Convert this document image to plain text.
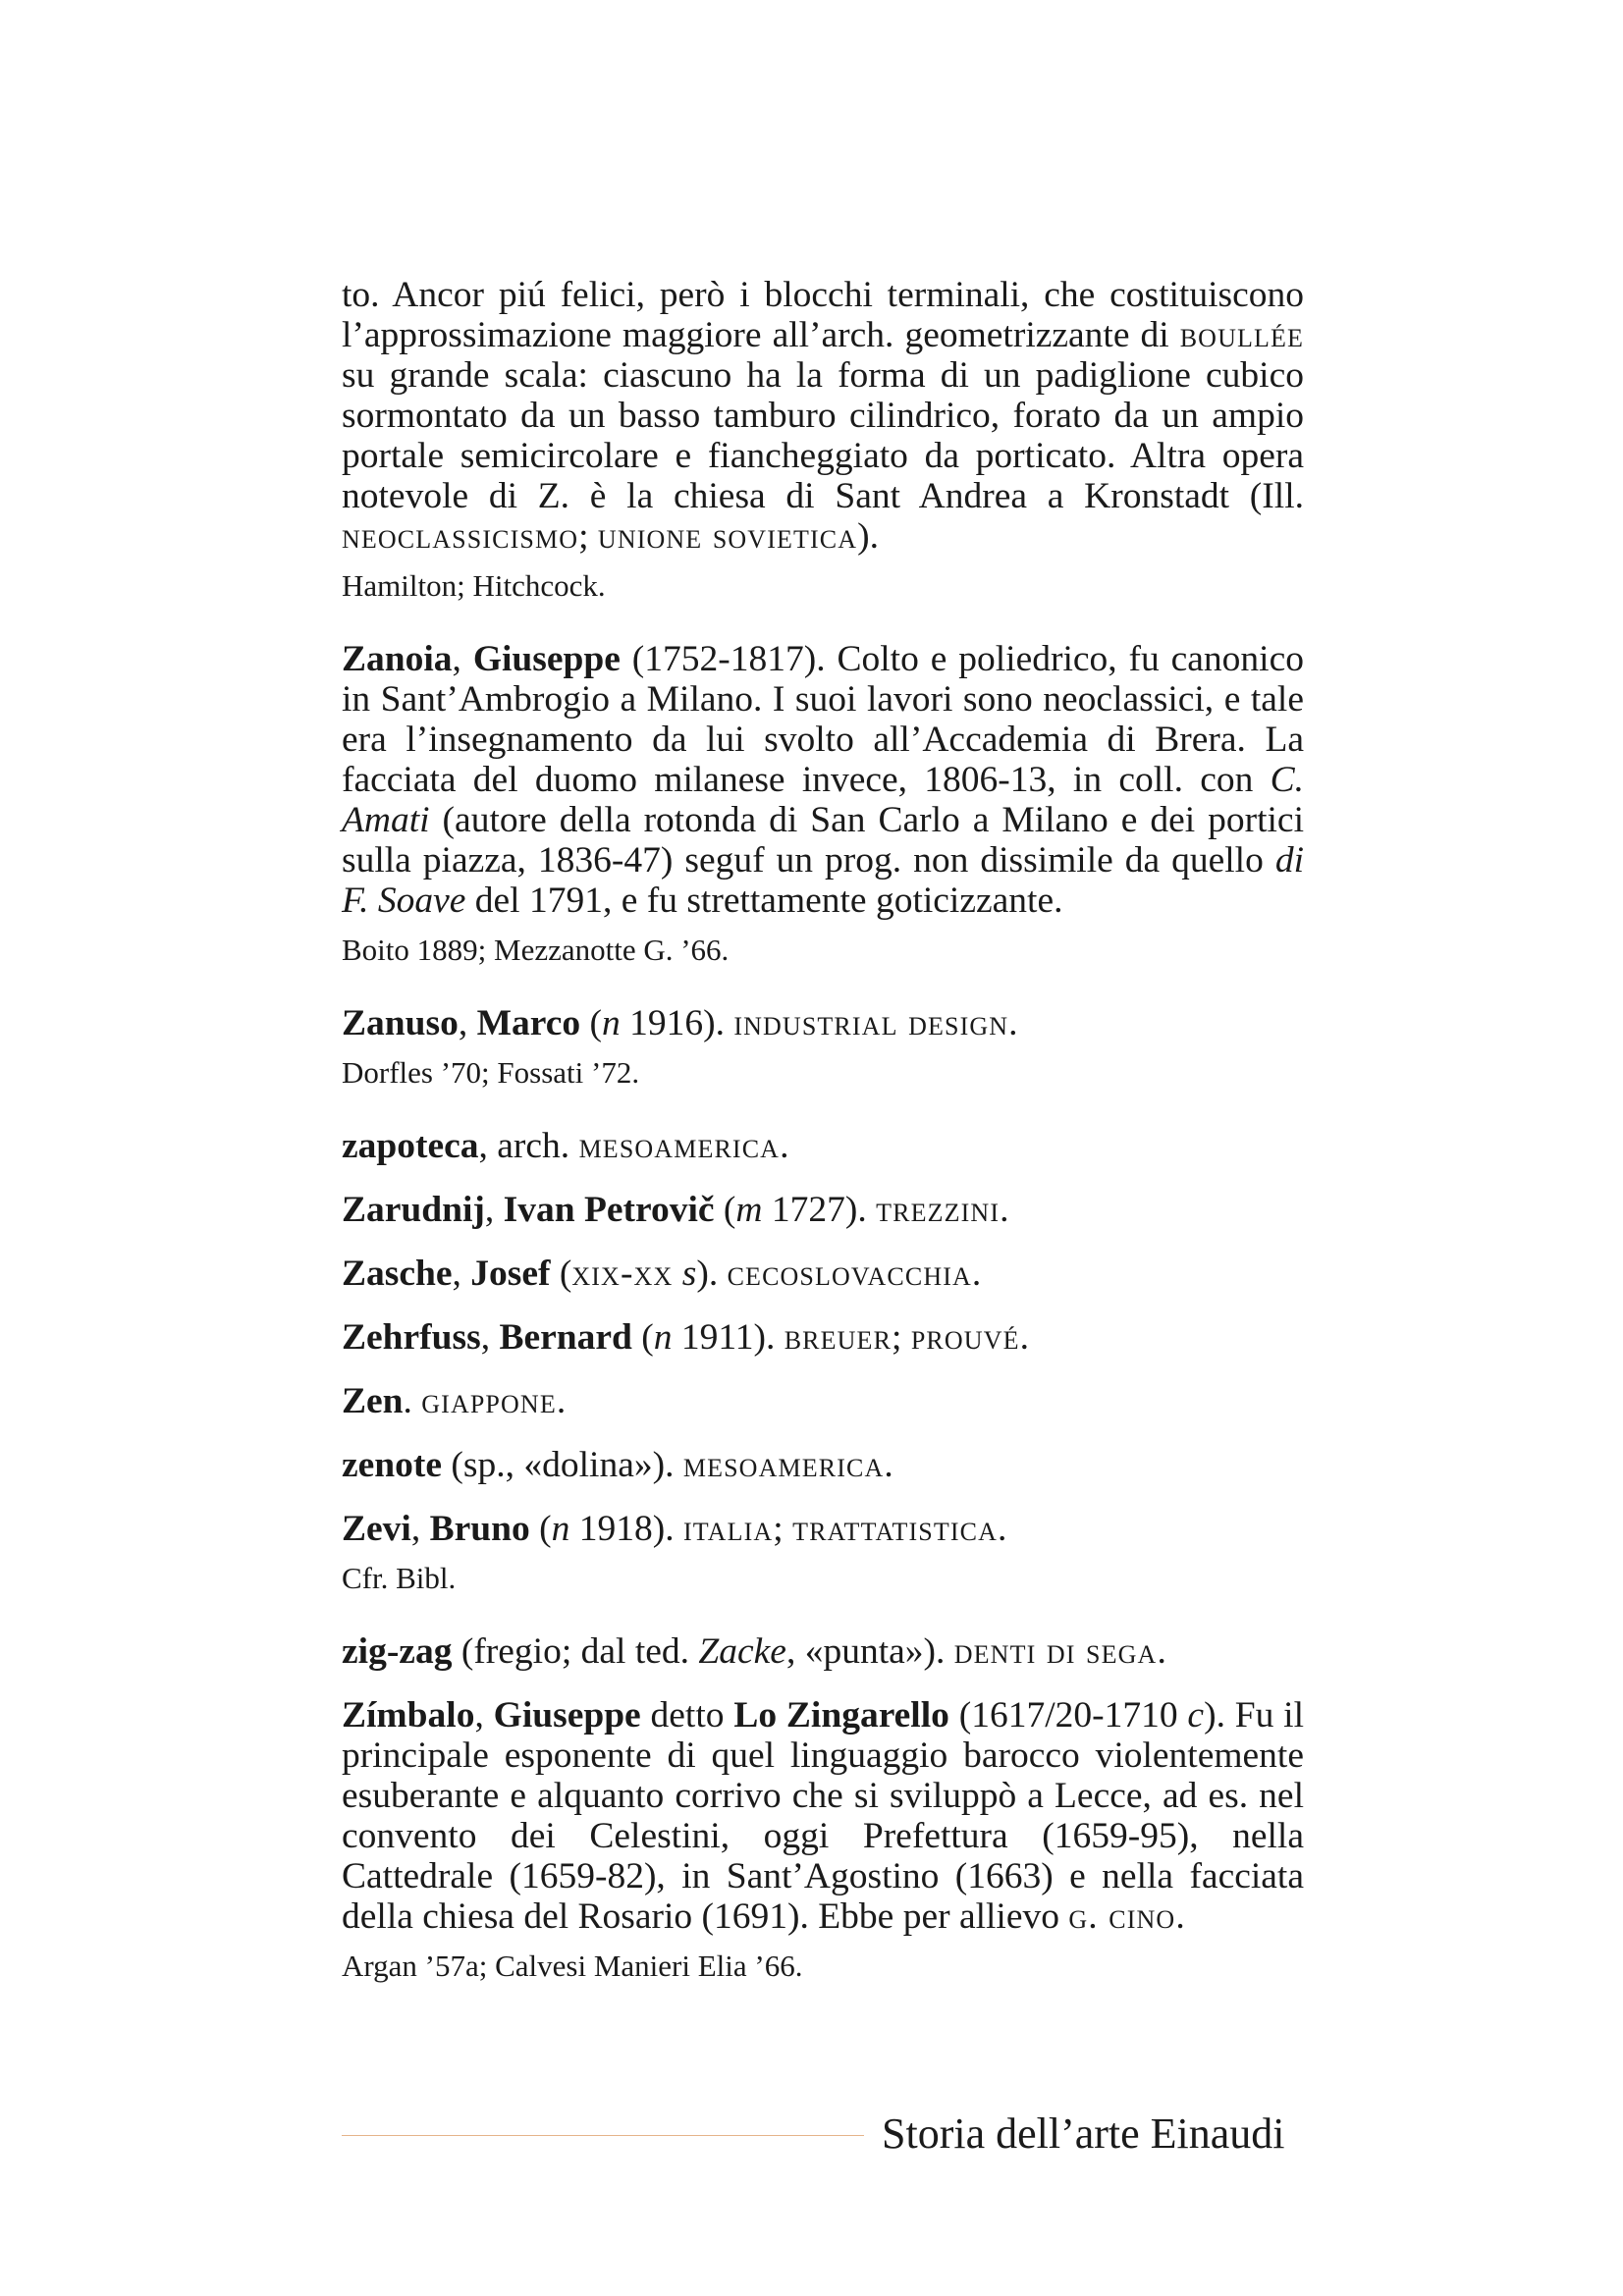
to. Ancor piú felici, però i blocchi terminali, che costituiscono l’approssimazione maggiore all’arch. geometrizzante di boullée su grande scala: ciascuno ha la forma di un padiglione cubico sormontato da un basso tamburo cilindrico, forato da un ampio portale semicircolare e fiancheggiato da porticato. Altra opera notevole di Z. è la chiesa di Sant Andrea a Kronstadt (Ill. neoclassicismo; unione sovietica).

Hamilton; Hitchcock.

Zanoia, Giuseppe (1752-1817). Colto e poliedrico, fu canonico in Sant’Ambrogio a Milano. I suoi lavori sono neoclassici, e tale era l’insegnamento da lui svolto all’Accademia di Brera. La facciata del duomo milanese invece, 1806-13, in coll. con C. Amati (autore della rotonda di San Carlo a Milano e dei portici sulla piazza, 1836-47) seguf un prog. non dissimile da quello di F. Soave del 1791, e fu strettamente goticizzante.

Boito 1889; Mezzanotte G. ’66.

Zanuso, Marco (n 1916). industrial design.

Dorfles ’70; Fossati ’72.

zapoteca, arch. mesoamerica.

Zarudnij, Ivan Petrovič (m 1727). trezzini.

Zasche, Josef (xix-xx s). cecoslovacchia.

Zehrfuss, Bernard (n 1911). breuer; prouvé.

Zen. giappone.

zenote (sp., «dolina»). mesoamerica.

Zevi, Bruno (n 1918). italia; trattatistica.

Cfr. Bibl.

zig-zag (fregio; dal ted. Zacke, «punta»). denti di sega.

Zímbalo, Giuseppe detto Lo Zingarello (1617/20-1710 c). Fu il principale esponente di quel linguaggio barocco violentemente esuberante e alquanto corrivo che si sviluppò a Lecce, ad es. nel convento dei Celestini, oggi Prefettura (1659-95), nella Cattedrale (1659-82), in Sant’Agostino (1663) e nella facciata della chiesa del Rosario (1691). Ebbe per allievo g. cino.

Argan ’57a; Calvesi Manieri Elia ’66.

Storia dell’arte Einaudi
